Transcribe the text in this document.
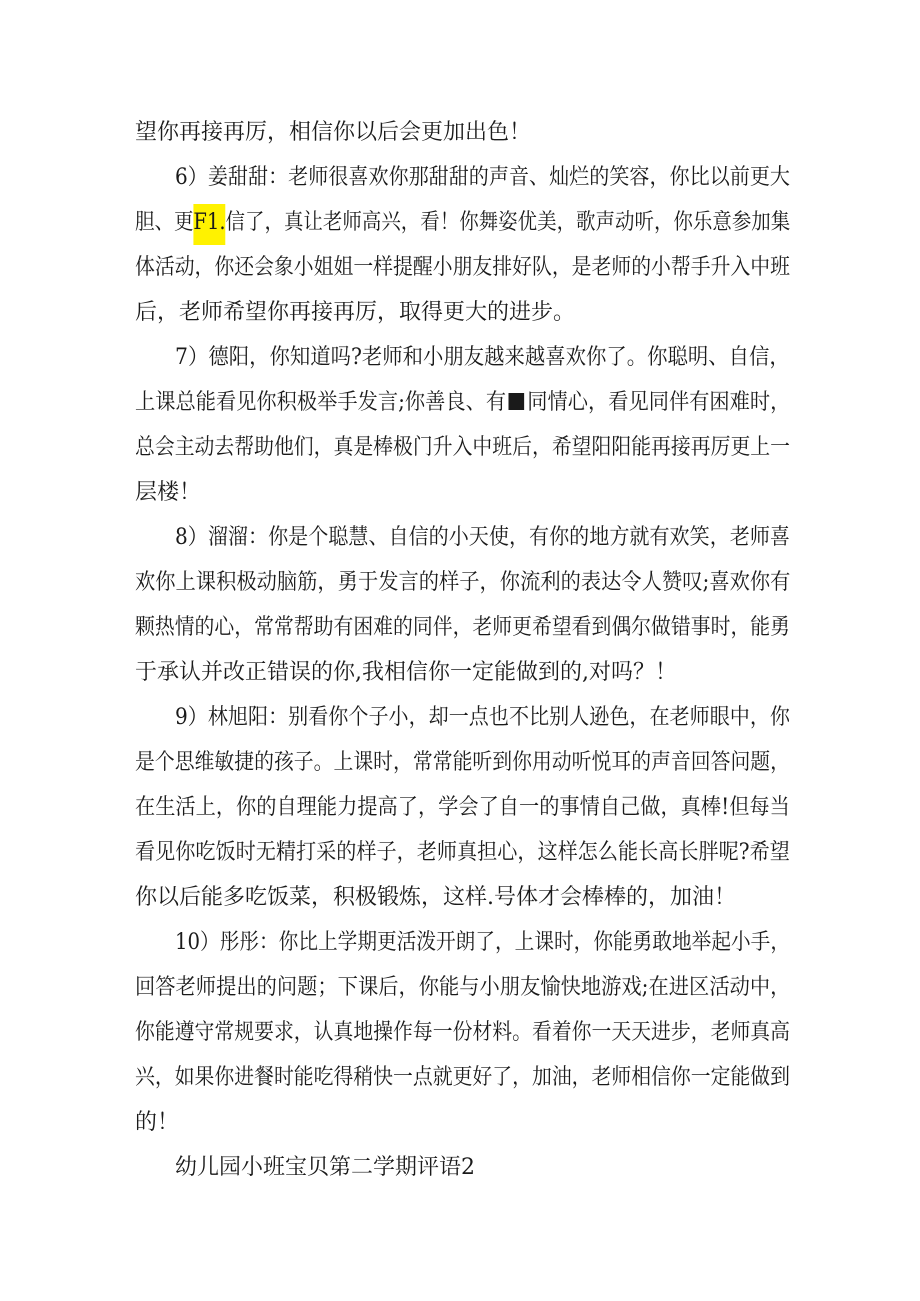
望你再接再厉，相信你以后会更加出色！
6）姜甜甜：老师很喜欢你那甜甜的声音、灿烂的笑容，你比以前更大
胆、更F1.信了，真让老师高兴，看！你舞姿优美，歌声动听，你乐意参加集
体活动，你还会象小姐姐一样提醒小朋友排好队，是老师的小帮手升入中班
后，老师希望你再接再厉，取得更大的进步。
7）德阳，你知道吗?老师和小朋友越来越喜欢你了。你聪明、自信，
上课总能看见你积极举手发言;你善良、有 同情心，看见同伴有困难时，
总会主动去帮助他们，真是棒极门升入中班后，希望阳阳能再接再厉更上一
层楼！
8）溜溜：你是个聪慧、自信的小天使，有你的地方就有欢笑，老师喜
欢你上课积极动脑筋，勇于发言的样子，你流利的表达令人赞叹;喜欢你有
颗热情的心，常常帮助有困难的同伴，老师更希望看到偶尔做错事时，能勇
于承认并改正错误的你,我相信你一定能做到的,对吗？！
9）林旭阳：别看你个子小，却一点也不比别人逊色，在老师眼中，你
是个思维敏捷的孩子。上课时，常常能听到你用动听悦耳的声音回答问题，
在生活上，你的自理能力提高了，学会了自一的事情自己做，真棒!但每当
看见你吃饭时无精打采的样子，老师真担心，这样怎么能长高长胖呢?希望
你以后能多吃饭菜，积极锻炼，这样.号体才会棒棒的，加油！
10）彤彤：你比上学期更活泼开朗了，上课时，你能勇敢地举起小手，
回答老师提出的问题；下课后，你能与小朋友愉快地游戏;在进区活动中，
你能遵守常规要求，认真地操作每一份材料。看着你一天天进步，老师真高
兴，如果你进餐时能吃得稍快一点就更好了，加油，老师相信你一定能做到
的！
幼儿园小班宝贝第二学期评语2
